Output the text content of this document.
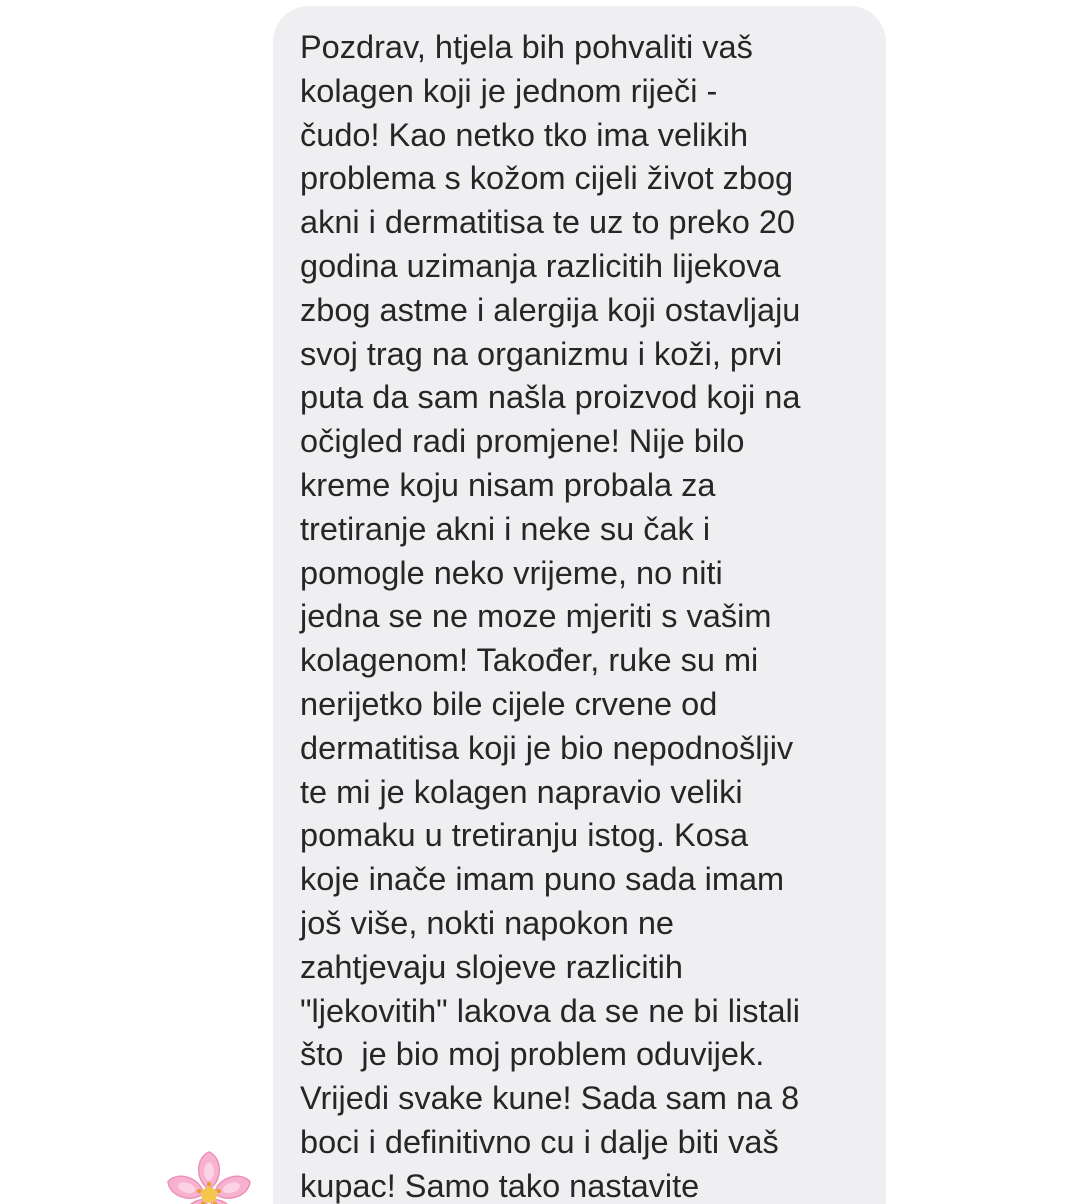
Pozdrav, htjela bih pohvaliti vaš
kolagen koji je jednom riječi -
čudo! Kao netko tko ima velikih
problema s kožom cijeli život zbog
akni i dermatitisa te uz to preko 20
godina uzimanja razlicitih lijekova
zbog astme i alergija koji ostavljaju
svoj trag na organizmu i koži, prvi
puta da sam našla proizvod koji na
očigled radi promjene! Nije bilo
kreme koju nisam probala za
tretiranje akni i neke su čak i
pomogle neko vrijeme, no niti
jedna se ne moze mjeriti s vašim
kolagenom! Također, ruke su mi
nerijetko bile cijele crvene od
dermatitisa koji je bio nepodnošljiv
te mi je kolagen napravio veliki
pomaku u tretiranju istog. Kosa
koje inače imam puno sada imam
još više, nokti napokon ne
zahtjevaju slojeve razlicitih
"ljekovitih" lakova da se ne bi listali
što  je bio moj problem oduvijek.
Vrijedi svake kune! Sada sam na 8
boci i definitivno cu i dalje biti vaš
kupac! Samo tako nastavite
